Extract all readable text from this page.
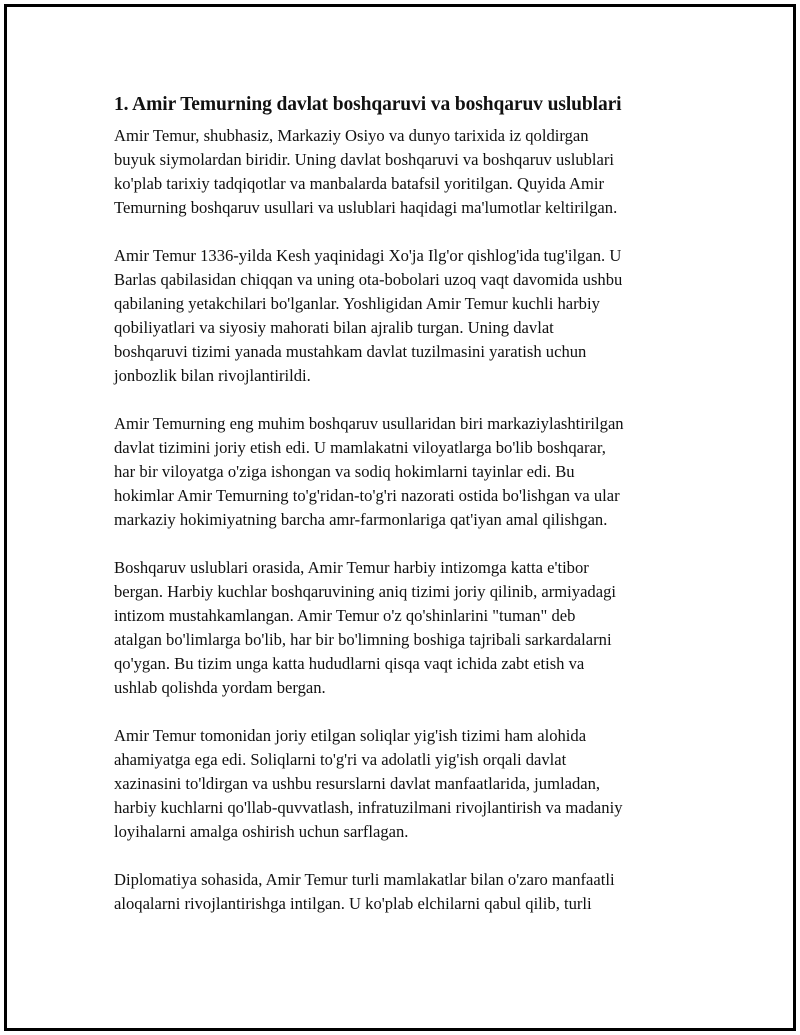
1. Amir Temurning davlat boshqaruvi va boshqaruv uslublari
Amir Temur, shubhasiz, Markaziy Osiyo va dunyo tarixida iz qoldirgan
buyuk siymolardan biridir. Uning davlat boshqaruvi va boshqaruv uslublari
ko'plab tarixiy tadqiqotlar va manbalarda batafsil yoritilgan. Quyida Amir
Temurning boshqaruv usullari va uslublari haqidagi ma'lumotlar keltirilgan.
Amir Temur 1336-yilda Kesh yaqinidagi Xo'ja Ilg'or qishlog'ida tug'ilgan. U
Barlas qabilasidan chiqqan va uning ota-bobolari uzoq vaqt davomida ushbu
qabilaning yetakchilari bo'lganlar. Yoshligidan Amir Temur kuchli harbiy
qobiliyatlari va siyosiy mahorati bilan ajralib turgan. Uning davlat
boshqaruvi tizimi yanada mustahkam davlat tuzilmasini yaratish uchun
jonbozlik bilan rivojlantirildi.
Amir Temurning eng muhim boshqaruv usullaridan biri markaziylashtirilgan
davlat tizimini joriy etish edi. U mamlakatni viloyatlarga bo'lib boshqarar,
har bir viloyatga o'ziga ishongan va sodiq hokimlarni tayinlar edi. Bu
hokimlar Amir Temurning to'g'ridan-to'g'ri nazorati ostida bo'lishgan va ular
markaziy hokimiyatning barcha amr-farmonlariga qat'iyan amal qilishgan.
Boshqaruv uslublari orasida, Amir Temur harbiy intizomga katta e'tibor
bergan. Harbiy kuchlar boshqaruvining aniq tizimi joriy qilinib, armiyadagi
intizom mustahkamlangan. Amir Temur o'z qo'shinlarini "tuman" deb
atalgan bo'limlarga bo'lib, har bir bo'limning boshiga tajribali sarkardalarni
qo'ygan. Bu tizim unga katta hududlarni qisqa vaqt ichida zabt etish va
ushlab qolishda yordam bergan.
Amir Temur tomonidan joriy etilgan soliqlar yig'ish tizimi ham alohida
ahamiyatga ega edi. Soliqlarni to'g'ri va adolatli yig'ish orqali davlat
xazinasini to'ldirgan va ushbu resurslarni davlat manfaatlarida, jumladan,
harbiy kuchlarni qo'llab-quvvatlash, infratuzilmani rivojlantirish va madaniy
loyihalarni amalga oshirish uchun sarflagan.
Diplomatiya sohasida, Amir Temur turli mamlakatlar bilan o'zaro manfaatli
aloqalarni rivojlantirishga intilgan. U ko'plab elchilarni qabul qilib, turli
